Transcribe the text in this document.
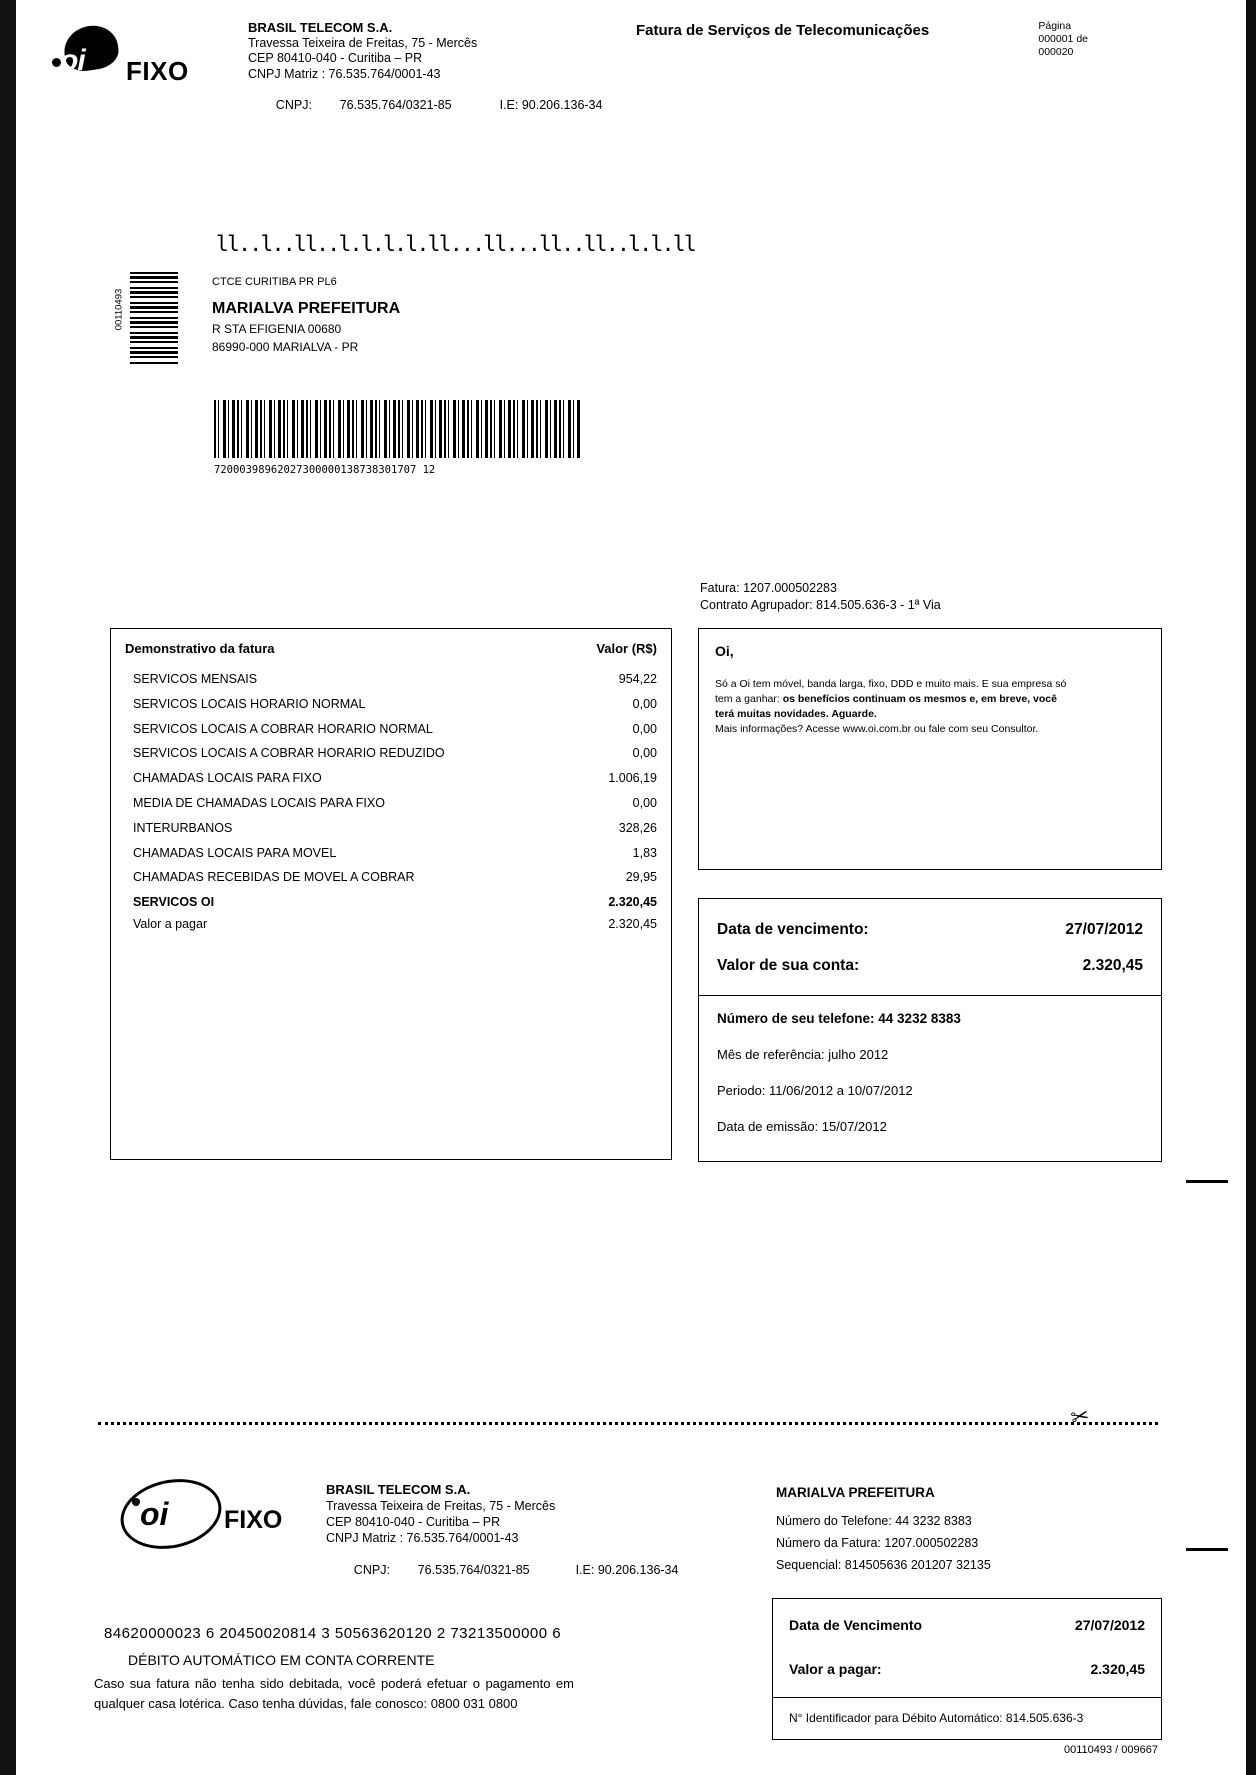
oi FIXO
BRASIL TELECOM S.A.
Travessa Teixeira de Freitas, 75 - Mercês
CEP 80410-040 - Curitiba – PR
CNPJ Matriz : 76.535.764/0001-43

CNPJ:        76.535.764/0321-85	I.E: 90.206.136-34

Fatura de Serviços de Telecomunicações	Página
000001 de
000020
ll..l..ll..l.l.l.l.ll...ll...ll..ll..l.l.ll
00110493
CTCE CURITIBA PR PL6
MARIALVA PREFEITURA
R STA EFIGENIA 00680
86990-000 MARIALVA - PR
72000398962027300000138738301707 12
Fatura: 1207.000502283
Contrato Agrupador: 814.505.636-3 - 1ª Via
Demonstrativo da fatura	Valor (R$)
SERVICOS MENSAIS	954,22
SERVICOS LOCAIS HORARIO NORMAL	0,00
SERVICOS LOCAIS A COBRAR HORARIO NORMAL	0,00
SERVICOS LOCAIS A COBRAR HORARIO REDUZIDO	0,00
CHAMADAS LOCAIS PARA FIXO	1.006,19
MEDIA DE CHAMADAS LOCAIS PARA FIXO	0,00
INTERURBANOS	328,26
CHAMADAS LOCAIS PARA MOVEL	1,83
CHAMADAS RECEBIDAS DE MOVEL A COBRAR	29,95
SERVICOS OI	2.320,45
Valor a pagar	2.320,45
Oi,
Só a Oi tem móvel, banda larga, fixo, DDD e muito mais. E sua empresa só
tem a ganhar: os benefícios continuam os mesmos e, em breve, você
terá muitas novidades. Aguarde.
Mais informações? Acesse www.oi.com.br ou fale com seu Consultor.
Data de vencimento:	27/07/2012
Valor de sua conta:	2.320,45
Número de seu telefone: 44 3232 8383
Mês de referência: julho 2012
Periodo: 11/06/2012 a 10/07/2012
Data de emissão: 15/07/2012
✂
oi FIXO
BRASIL TELECOM S.A.
Travessa Teixeira de Freitas, 75 - Mercês
CEP 80410-040 - Curitiba – PR
CNPJ Matriz : 76.535.764/0001-43

CNPJ:        76.535.764/0321-85	I.E: 90.206.136-34

MARIALVA PREFEITURA
Número do Telefone: 44 3232 8383
Número da Fatura: 1207.000502283
Sequencial: 814505636 201207 32135
84620000023 6 20450020814 3 50563620120 2 73213500000 6
DÉBITO AUTOMÁTICO EM CONTA CORRENTE
Caso sua fatura não tenha sido debitada, você poderá efetuar o pagamento em qualquer casa lotérica. Caso tenha dúvidas, fale conosco: 0800 031 0800
Data de Vencimento	27/07/2012
Valor a pagar:	2.320,45
N° Identificador para Débito Automático: 814.505.636-3
00110493 / 009667
